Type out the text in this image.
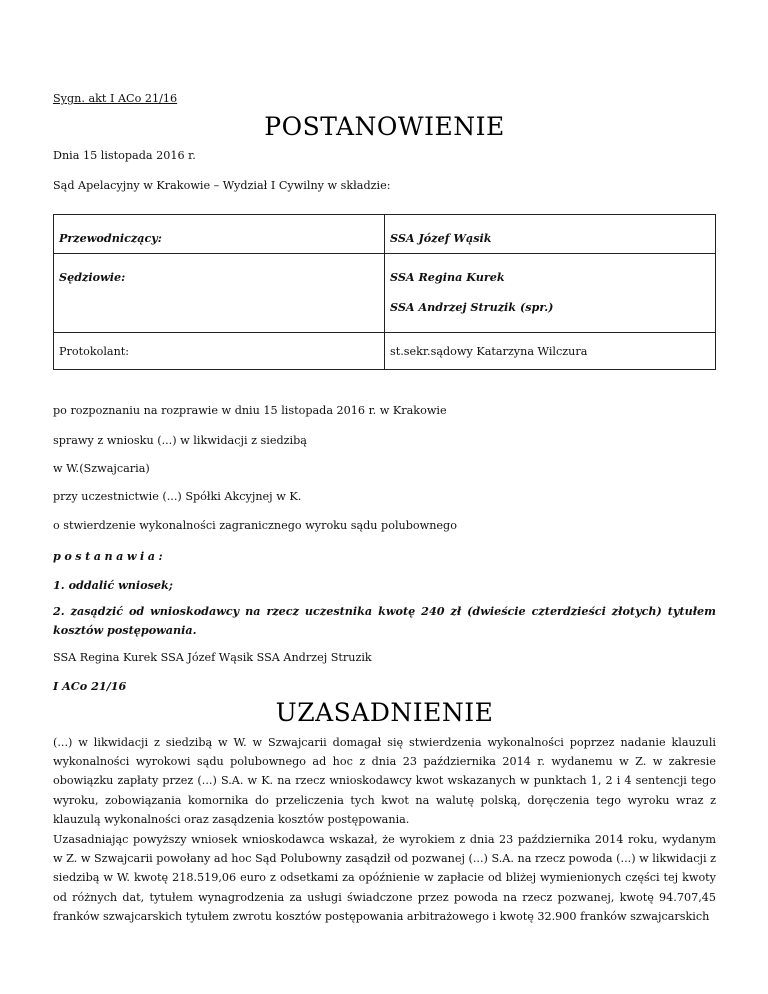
Sygn. akt I ACo 21/16
POSTANOWIENIE
Dnia 15 listopada 2016 r.
Sąd Apelacyjny w Krakowie – Wydział I Cywilny w składzie:
Przewodniczący:	SSA Józef Wąsik

Sędziowie:	SSA Regina Kurek
SSA Andrzej Struzik (spr.)

Protokolant:	st.sekr.sądowy Katarzyna Wilczura
po rozpoznaniu na rozprawie w dniu 15 listopada 2016 r. w Krakowie
sprawy z wniosku (...) w likwidacji z siedzibą
w W.(Szwajcaria)
przy uczestnictwie (...) Spółki Akcyjnej w K.
o stwierdzenie wykonalności zagranicznego wyroku sądu polubownego
postanawia:
1. oddalić wniosek;
2. zasądzić od wnioskodawcy na rzecz uczestnika kwotę 240 zł (dwieście czterdzieści złotych) tytułem kosztów postępowania.
SSA Regina Kurek SSA Józef Wąsik SSA Andrzej Struzik
I ACo 21/16
UZASADNIENIE
(...) w likwidacji z siedzibą w W. w Szwajcarii domagał się stwierdzenia wykonalności poprzez nadanie klauzuli wykonalności wyrokowi sądu polubownego ad hoc z dnia 23 października 2014 r. wydanemu w Z. w zakresie obowiązku zapłaty przez (...) S.A. w K. na rzecz wnioskodawcy kwot wskazanych w punktach 1, 2 i 4 sentencji tego wyroku, zobowiązania komornika do przeliczenia tych kwot na walutę polską, doręczenia tego wyroku wraz z klauzulą wykonalności oraz zasądzenia kosztów postępowania.
Uzasadniając powyższy wniosek wnioskodawca wskazał, że wyrokiem z dnia 23 października 2014 roku, wydanym w Z. w Szwajcarii powołany ad hoc Sąd Polubowny zasądził od pozwanej (...) S.A. na rzecz powoda (...) w likwidacji z siedzibą w W. kwotę 218.519,06 euro z odsetkami za opóźnienie w zapłacie od bliżej wymienionych części tej kwoty od różnych dat, tytułem wynagrodzenia za usługi świadczone przez powoda na rzecz pozwanej, kwotę 94.707,45 franków szwajcarskich tytułem zwrotu kosztów postępowania arbitrażowego i kwotę 32.900 franków szwajcarskich
